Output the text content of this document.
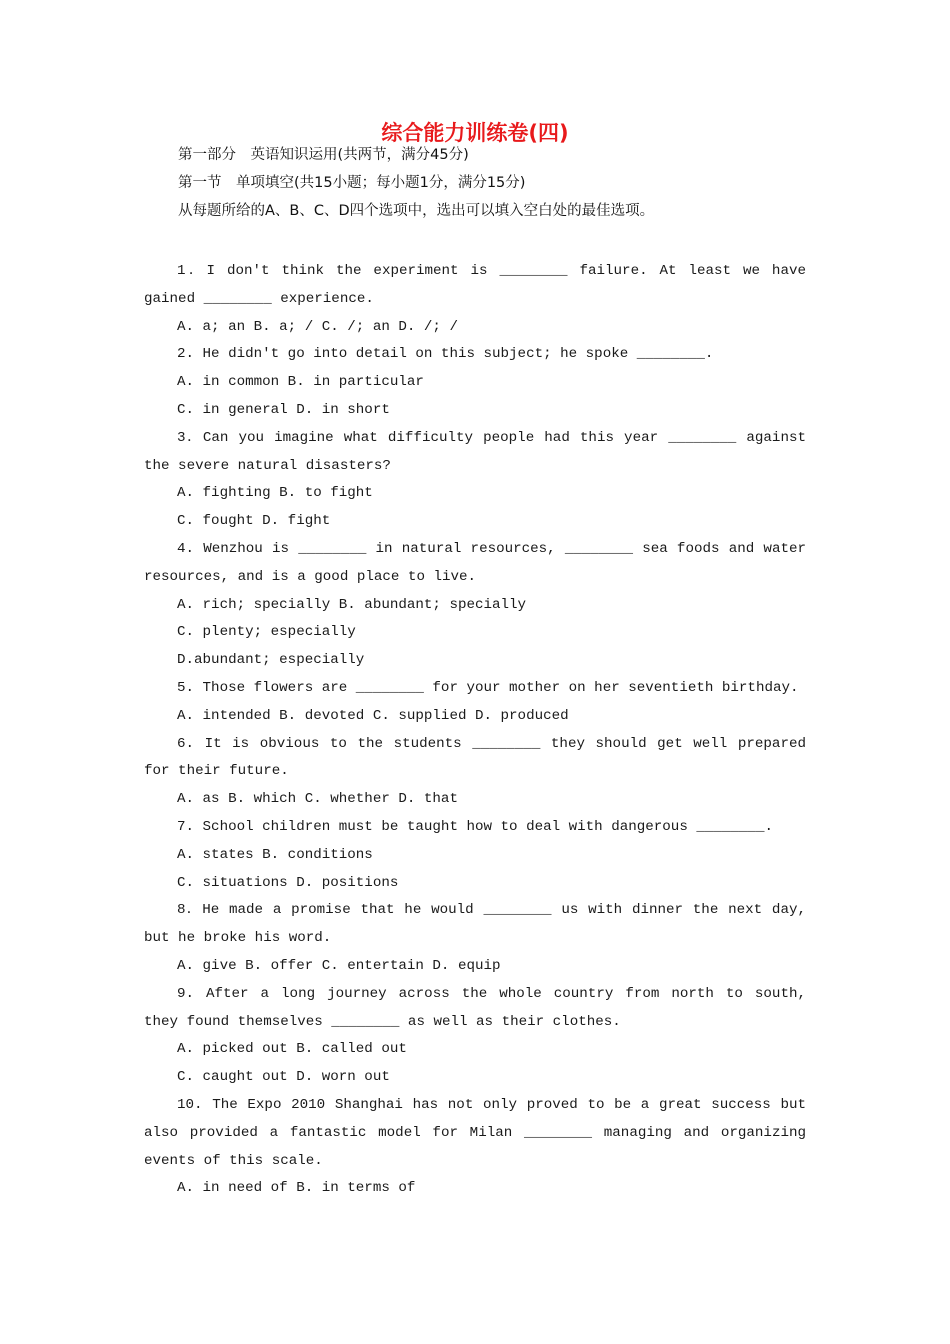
综合能力训练卷(四)
第一部分　英语知识运用(共两节，满分45分)
第一节　单项填空(共15小题；每小题1分，满分15分)
从每题所给的A、B、C、D四个选项中，选出可以填入空白处的最佳选项。

1．I don't think the experiment is ________ failure. At least we have gained ________ experience.

A. a; an B. a; / C. /; an D. /; /

2. He didn't go into detail on this subject; he spoke ________.

A. in common B. in particular

C. in general D. in short

3．Can you imagine what difficulty people had this year ________ against the severe natural disasters?

A. fighting B. to fight

C. fought D. fight

4. Wenzhou is ________ in natural resources, ________ sea foods and water resources, and is a good place to live.

A. rich; specially B. abundant; specially

C. plenty; especially

D.abundant; especially

5. Those flowers are ________ for your mother on her seventieth birthday.

A. intended B. devoted C. supplied D. produced

6. It is obvious to the students ________ they should get well prepared for their future.

A. as B. which C. whether D. that

7. School children must be taught how to deal with dangerous ________.

A. states B. conditions

C. situations D. positions

8．He made a promise that he would ________ us with dinner the next day, but he broke his word.

A. give B. offer C. entertain D. equip

9. After a long journey across the whole country from north to south, they found themselves ________ as well as their clothes.

A. picked out B. called out

C. caught out D. worn out

10. The Expo 2010 Shanghai has not only proved to be a great success but also provided a fantastic model for Milan ________ managing and organizing events of this scale.

A. in need of B. in terms of
